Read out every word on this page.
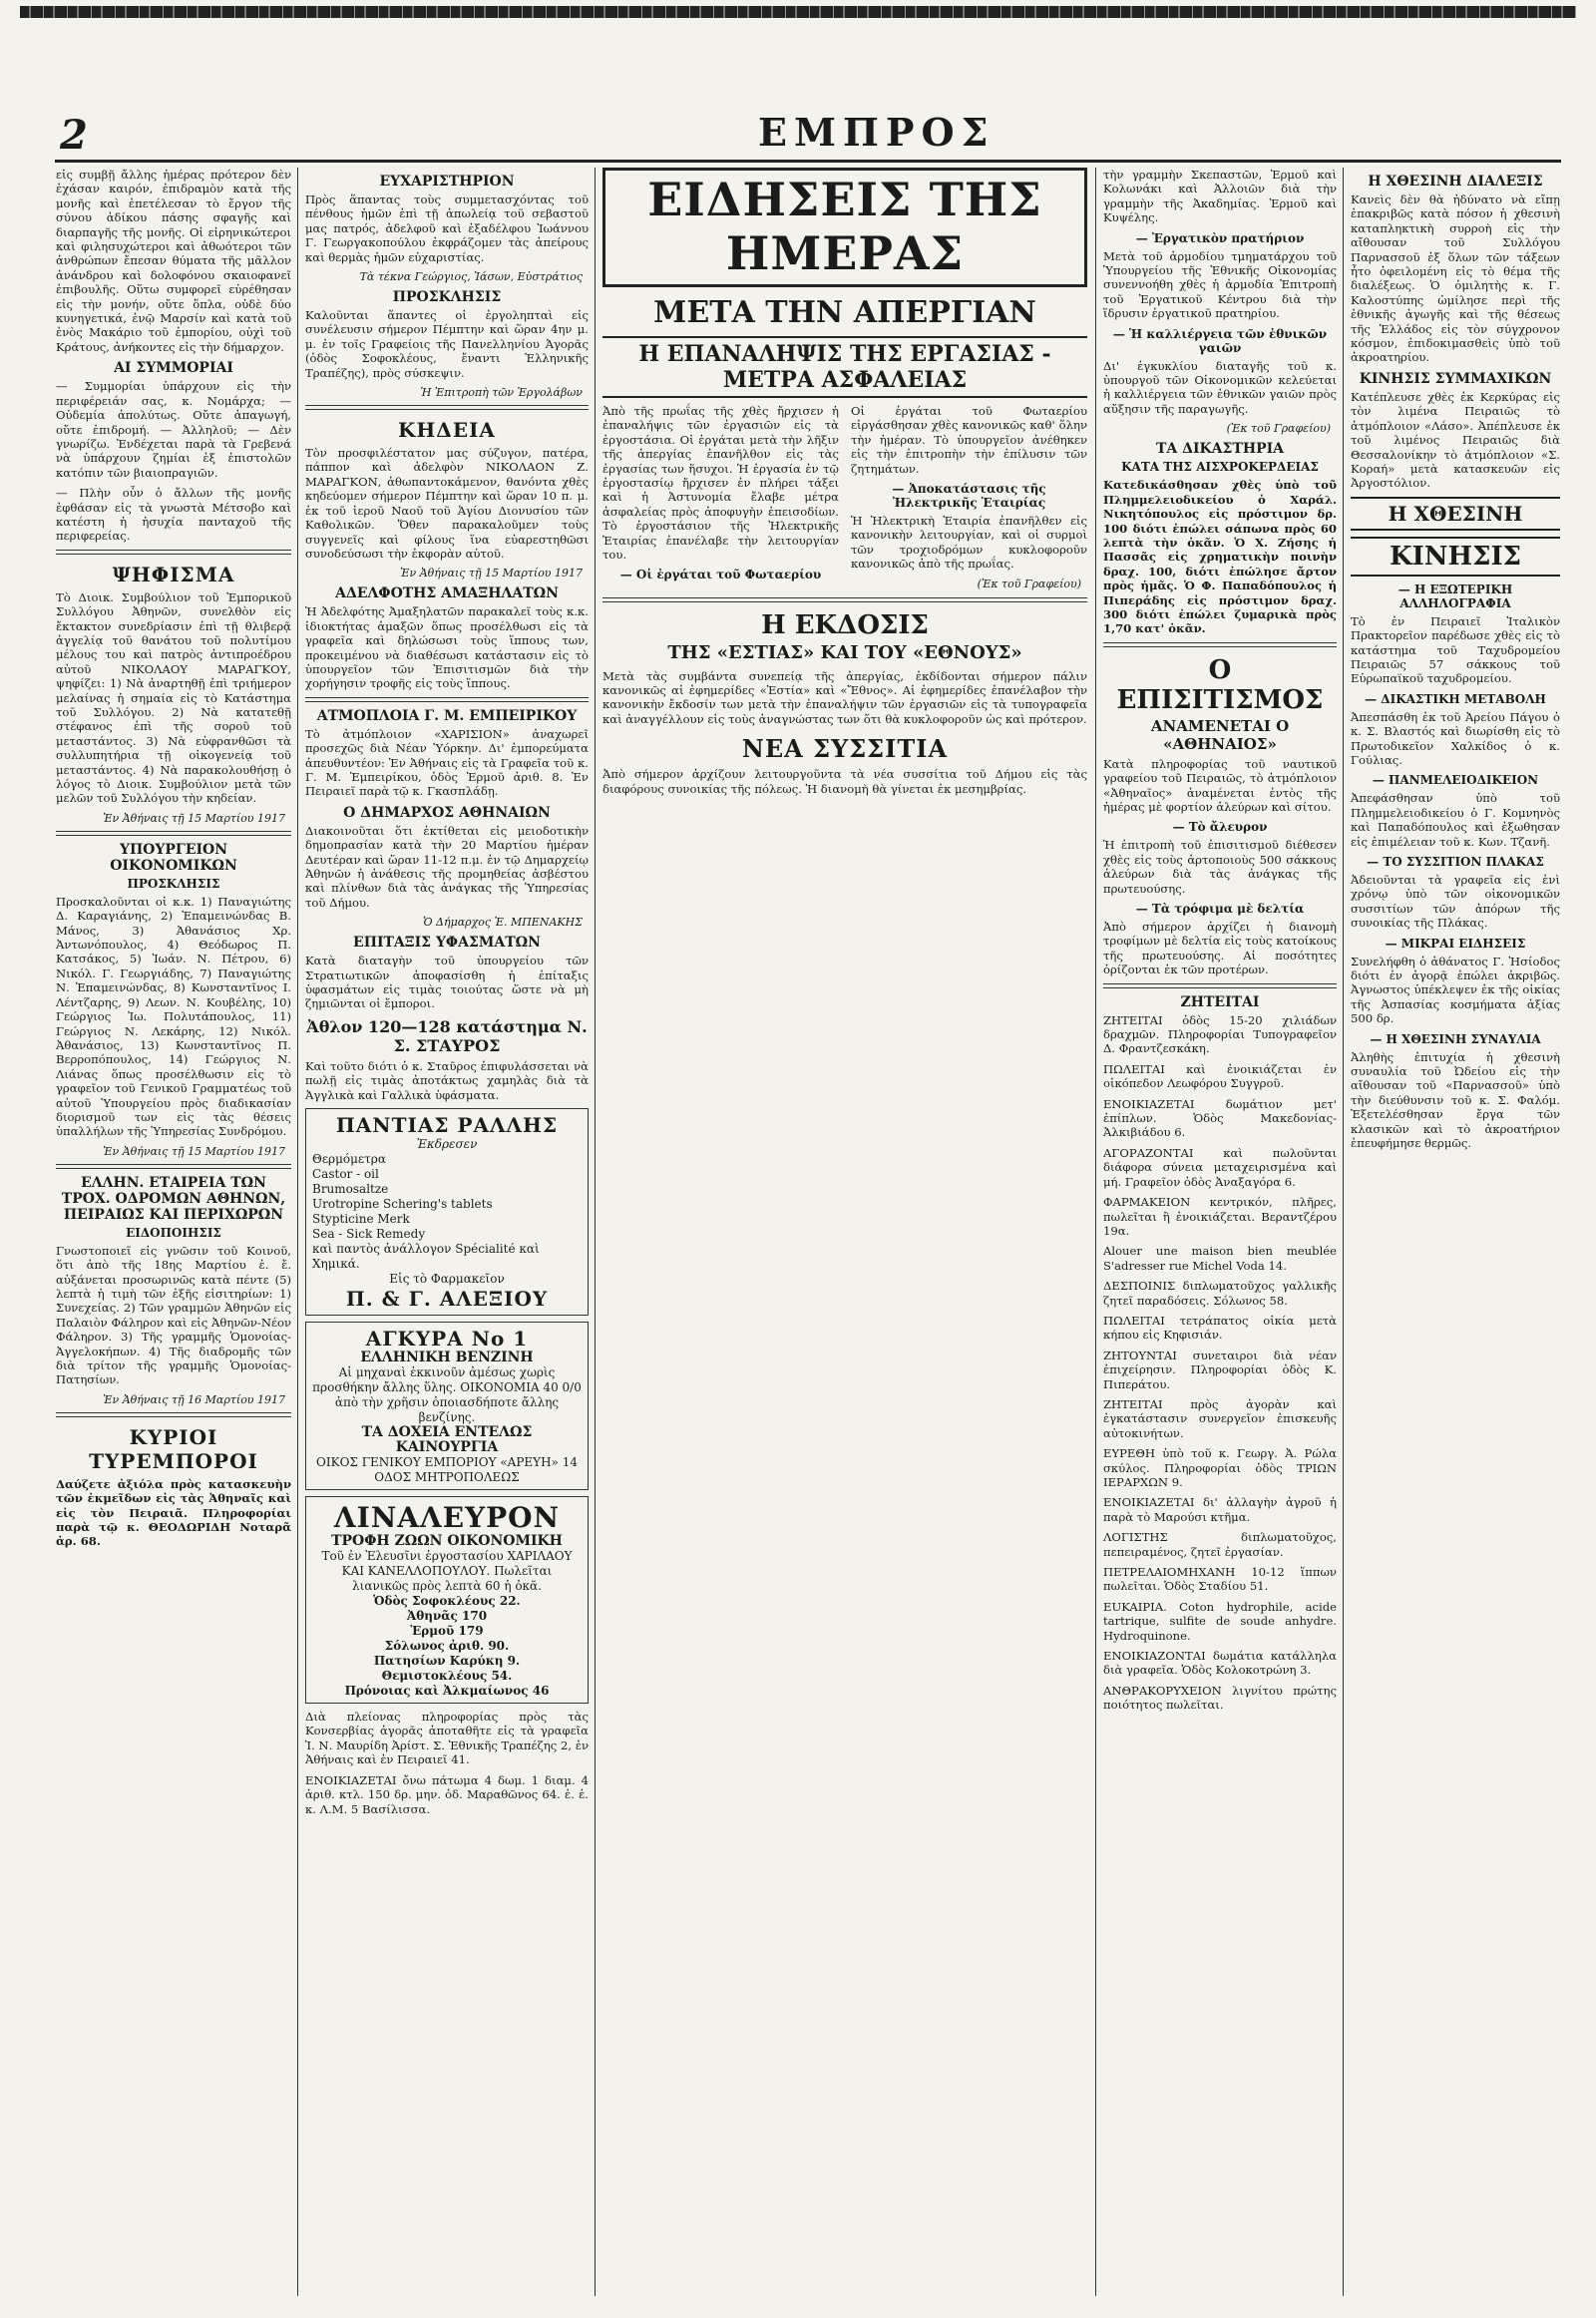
2	ΕΜΠΡΟΣ

εἰς συμβῇ ἄλλης ἡμέρας πρότερον δὲν ἐχάσαν καιρόν, ἐπιδραμὸν κατὰ τῆς μονῆς καὶ ἐπετέλεσαν τὸ ἔργον τῆς σύνου ἀδίκου πάσης σφαγῆς καὶ διαρπαγῆς τῆς μονῆς. Οἱ εἰρηνικώτεροι καὶ φιλησυχώτεροι καὶ ἀθωότεροι τῶν ἀνθρώπων ἔπεσαν θύματα τῆς μᾶλλον ἀνάνδρου καὶ δολοφόνου σκαιοφανεῖ ἐπιβουλῆς. Οὕτω συμφορεῖ εὐρέθησαν εἰς τὴν μονήν, οὔτε ὅπλα, οὐδὲ δύο κυνηγετικά, ἐνῷ Μαρσίν καὶ κατὰ τοῦ ἐνὸς Μακάριο τοῦ ἐμπορίου, οὐχὶ τοῦ Κράτους, ἀνήκοντες εἰς τὴν δήμαρχον.

ΑΙ ΣΥΜΜΟΡΙΑΙ

— Συμμορίαι ὑπάρχουν εἰς τὴν περιφέρειάν σας, κ. Νομάρχα; — Οὐδεμία ἀπολύτως. Οὔτε ἀπαγωγή, οὔτε ἐπιδρομή. — Ἀλληλοῦ; — Δὲν γνωρίζω. Ἐνδέχεται παρὰ τὰ Γρεβενά νὰ ὑπάρχουν ζημίαι ἐξ ἐπιστολῶν κατόπιν τῶν βιαιοπραγιῶν.

— Πλὴν οὖν ὁ ἄλλων τῆς μονῆς ἐφθάσαν εἰς τὰ γνωστὰ Μέτσοβο καὶ κατέστη ἡ ἡσυχία πανταχοῦ τῆς περιφερείας.

ΨΗΦΙΣΜΑ

Τὸ Διοικ. Συμβούλιον τοῦ Ἐμπορικοῦ Συλλόγου Ἀθηνῶν, συνελθὸν εἰς ἔκτακτον συνεδρίασιν ἐπὶ τῇ θλιβερᾷ ἀγγελίᾳ τοῦ θανάτου τοῦ πολυτίμου μέλους του καὶ πατρὸς ἀντιπροέδρου αὐτοῦ ΝΙΚΟΛΑΟΥ ΜΑΡΑΓΚΟΥ, ψηφίζει: 1) Νὰ ἀναρτηθῇ ἐπὶ τριήμερον μελαίνας ἡ σημαία εἰς τὸ Κατάστημα τοῦ Συλλόγου. 2) Νὰ κατατεθῇ στέφανος ἐπὶ τῆς σοροῦ τοῦ μεταστάντος. 3) Νὰ εὐφρανθῶσι τὰ συλλυπητήρια τῇ οἰκογενείᾳ τοῦ μεταστάντος. 4) Νὰ παρακολουθήσῃ ὁ λόγος τὸ Διοικ. Συμβούλιον μετὰ τῶν μελῶν τοῦ Συλλόγου τὴν κηδείαν.

Ἐν Ἀθήναις τῇ 15 Μαρτίου 1917
ΥΠΟΥΡΓΕΙΟΝ ΟΙΚΟΝΟΜΙΚΩΝ
ΠΡΟΣΚΛΗΣΙΣ

Προσκαλοῦνται οἱ κ.κ. 1) Παναγιώτης Δ. Καραγιάνης, 2) Ἐπαμεινώνδας Β. Μάνος, 3) Ἀθανάσιος Χρ. Ἀντωνόπουλος, 4) Θεόδωρος Π. Κατσάκος, 5) Ἰωάν. Ν. Πέτρου, 6) Νικόλ. Γ. Γεωργιάδης, 7) Παναγιώτης Ν. Ἐπαμεινώνδας, 8) Κωνσταντῖνος Ι. Λέντζαρης, 9) Λεων. Ν. Κουβέλης, 10) Γεώργιος Ἰω. Πολυτάπουλος, 11) Γεώργιος Ν. Λεκάρης, 12) Νικόλ. Ἀθανάσιος, 13) Κωνσταντῖνος Π. Βερροπόπουλος, 14) Γεώργιος Ν. Λιάνας ὅπως προσέλθωσιν εἰς τὸ γραφεῖον τοῦ Γενικοῦ Γραμματέως τοῦ αὐτοῦ Ὑπουργείου πρὸς διαδικασίαν διορισμοῦ των εἰς τὰς θέσεις ὑπαλλήλων τῆς Ὑπηρεσίας Συνδρόμου.

Ἐν Ἀθήναις τῇ 15 Μαρτίου 1917
ΕΛΛΗΝ. ΕΤΑΙΡΕΙΑ ΤΩΝ ΤΡΟΧ. ΟΔΡΟΜΩΝ ΑΘΗΝΩΝ, ΠΕΙΡΑΙΩΣ ΚΑΙ ΠΕΡΙΧΩΡΩΝ
ΕΙΔΟΠΟΙΗΣΙΣ

Γνωστοποιεῖ εἰς γνῶσιν τοῦ Κοινοῦ, ὅτι ἀπὸ τῆς 18ης Μαρτίου ἐ. ἔ. αὐξάνεται προσωρινῶς κατὰ πέντε (5) λεπτὰ ἡ τιμὴ τῶν ἐξῆς εἰσιτηρίων: 1) Συνεχείας. 2) Τῶν γραμμῶν Ἀθηνῶν εἰς Παλαιὸν Φάληρον καὶ εἰς Ἀθηνῶν-Νέον Φάληρον. 3) Τῆς γραμμῆς Ὁμονοίας-Ἀγγελοκήπων. 4) Τῆς διαδρομῆς τῶν διὰ τρίτον τῆς γραμμῆς Ὁμονοίας-Πατησίων.

Ἐν Ἀθήναις τῇ 16 Μαρτίου 1917
ΚΥΡΙΟΙ ΤΥΡΕΜΠΟΡΟΙ

Δαύζετε ἀξιόλα πρὸς κατασκευὴν τῶν ἐκμεῖδων εἰς τὰς Ἀθηναῖς καὶ εἰς τὸν Πειραιᾶ. Πληροφορίαι παρὰ τῷ κ. ΘΕΟΔΩΡΙΔΗ Νοταρᾶ ἀρ. 68.

ΕΥΧΑΡΙΣΤΗΡΙΟΝ

Πρὸς ἅπαντας τοὺς συμμετασχόντας τοῦ πένθους ἡμῶν ἐπὶ τῇ ἀπωλείᾳ τοῦ σεβαστοῦ μας πατρός, ἀδελφοῦ καὶ ἐξαδέλφου Ἰωάννου Γ. Γεωργακοπούλου ἐκφράζομεν τὰς ἀπείρους καὶ θερμὰς ἡμῶν εὐχαριστίας.

Τὰ τέκνα Γεώργιος, Ἰάσων, Εὐστράτιος
ΠΡΟΣΚΛΗΣΙΣ

Καλοῦνται ἅπαντες οἱ ἐργοληπταὶ εἰς συνέλευσιν σήμερον Πέμπτην καὶ ὥραν 4ην μ. μ. ἐν τοῖς Γραφείοις τῆς Πανελληνίου Ἀγορᾶς (ὁδὸς Σοφοκλέους, ἔναντι Ἑλληνικῆς Τραπέζης), πρὸς σύσκεψιν.

Ἡ Ἐπιτροπὴ τῶν Ἐργολάβων
ΚΗΔΕΙΑ

Τὸν προσφιλέστατον μας σύζυγον, πατέρα, πάππον καὶ ἀδελφὸν ΝΙΚΟΛΑΟΝ Ζ. ΜΑΡΑΓΚΟΝ, ἀθωπαντοκάμενον, θανόντα χθὲς κηδεύομεν σήμερον Πέμπτην καὶ ὥραν 10 π. μ. ἐκ τοῦ ἱεροῦ Ναοῦ τοῦ Ἁγίου Διονυσίου τῶν Καθολικῶν. Ὅθεν παρακαλοῦμεν τοὺς συγγενεῖς καὶ φίλους ἵνα εὐαρεστηθῶσι συνοδεύσωσι τὴν ἐκφορὰν αὐτοῦ.

Ἐν Ἀθήναις τῇ 15 Μαρτίου 1917
ΑΔΕΛΦΟΤΗΣ ΑΜΑΞΗΛΑΤΩΝ

Ἡ Ἀδελφότης Ἀμαξηλατῶν παρακαλεῖ τοὺς κ.κ. ἰδιοκτήτας ἁμαξῶν ὅπως προσέλθωσι εἰς τὰ γραφεῖα καὶ δηλώσωσι τοὺς ἵππους των, προκειμένου νὰ διαθέσωσι κατάστασιν εἰς τὸ ὑπουργεῖον τῶν Ἐπισιτισμῶν διὰ τὴν χορήγησιν τροφῆς εἰς τοὺς ἵππους.

ΑΤΜΟΠΛΟΙΑ Γ. Μ. ΕΜΠΕΙΡΙΚΟΥ

Τὸ ἀτμόπλοιον «ΧΑΡΙΣΙΟΝ» ἀναχωρεῖ προσεχῶς διὰ Νέαν Ὑόρκην. Δι' ἐμπορεύματα ἀπευθυντέον: Ἐν Ἀθήναις εἰς τὰ Γραφεῖα τοῦ κ. Γ. Μ. Ἐμπειρίκου, ὁδὸς Ἑρμοῦ ἀριθ. 8. Ἐν Πειραιεῖ παρὰ τῷ κ. Γκασπλάδῃ.

Ο ΔΗΜΑΡΧΟΣ ΑΘΗΝΑΙΩΝ

Διακοινοῦται ὅτι ἐκτίθεται εἰς μειοδοτικὴν δημοπρασίαν κατὰ τὴν 20 Μαρτίου ἡμέραν Δευτέραν καὶ ὥραν 11-12 π.μ. ἐν τῷ Δημαρχείῳ Ἀθηνῶν ἡ ἀνάθεσις τῆς προμηθείας ἀσβέστου καὶ πλίνθων διὰ τὰς ἀνάγκας τῆς Ὑπηρεσίας τοῦ Δήμου.

Ὁ Δήμαρχος Ἐ. ΜΠΕΝΑΚΗΣ
ΕΠΙΤΑΞΙΣ ΥΦΑΣΜΑΤΩΝ

Κατὰ διαταγὴν τοῦ ὑπουργείου τῶν Στρατιωτικῶν ἀποφασίσθη ἡ ἐπίταξις ὑφασμάτων εἰς τιμὰς τοιούτας ὥστε νὰ μὴ ζημιῶνται οἱ ἔμποροι.

Ἀθλον 120—128 κατάστημα Ν. Σ. ΣΤΑΥΡΟΣ

Καὶ τοῦτο διότι ὁ κ. Σταῦρος ἐπιφυλάσσεται νὰ πωλῇ εἰς τιμὰς ἀποτάκτως χαμηλὰς διὰ τὰ Ἀγγλικὰ καὶ Γαλλικὰ ὑφάσματα.

ΠΑΝΤΙΑΣ ΡΑΛΛΗΣ
Ἐκδρεσεν
Θερμόμετρα
Castor - oil
Brumosaltze
Urotropine Schering's tablets
Styptiсine Merk
Sea - Sick Remedy
καὶ παντὸς ἀνάλλογον Spécialité καὶ Χημικά.
Εἰς τὸ Φαρμακεῖον
Π. & Γ. ΑΛΕΞΙΟΥ
ΑΓΚΥΡΑ Νο 1
ΕΛΛΗΝΙΚΗ ΒΕΝΖΙΝΗ
Αἱ μηχαναὶ ἐκκινοῦν ἀμέσως χωρὶς προσθήκην ἄλλης ὕλης. ΟΙΚΟΝΟΜΙΑ 40 0/0 ἀπὸ τὴν χρῆσιν ὁποιασδήποτε ἄλλης βενζίνης.
ΤΑ ΔΟΧΕΙΑ ΕΝΤΕΛΩΣ ΚΑΙΝΟΥΡΓΙΑ
ΟΙΚΟΣ ΓΕΝΙΚΟΥ ΕΜΠΟΡΙΟΥ «ΑΡΕΥΗ» 14 ΟΔΟΣ ΜΗΤΡΟΠΟΛΕΩΣ
ΛΙΝΑΛΕΥΡΟΝ
ΤΡΟΦΗ ΖΩΩΝ ΟΙΚΟΝΟΜΙΚΗ
Τοῦ ἐν Ἐλευσῖνι ἐργοστασίου ΧΑΡΙΛΑΟΥ ΚΑΙ ΚΑΝΕΛΛΟΠΟΥΛΟΥ. Πωλεῖται λιανικῶς πρὸς λεπτὰ 60 ἡ ὀκᾶ.
Ὁδὸς Σοφοκλέους 22.
Ἀθηνᾶς 170
Ἑρμοῦ 179
Σόλωνος ἀριθ. 90.
Πατησίων Καρύκη 9.
Θεμιστοκλέους 54.
Πρόνοιας καὶ Ἀλκμαίωνος 46

Διὰ πλείονας πληροφορίας πρὸς τὰς Κονσερβίας ἀγορᾶς ἀποταθῆτε εἰς τὰ γραφεῖα Ἰ. Ν. Μαυρίδη Ἀρίστ. Σ. Ἐθνικῆς Τραπέζης 2, ἐν Ἀθήναις καὶ ἐν Πειραιεῖ 41.

ΕΝΟΙΚΙΑΖΕΤΑΙ ὄνω πάτωμα 4 δωμ. 1 διαμ. 4 ἀριθ. κτλ. 150 δρ. μην. ὁδ. Μαραθῶνος 64. ἐ. ἐ. κ. Λ.Μ. 5 Βασίλισσα.

ΕΙΔΗΣΕΙΣ ΤΗΣ ΗΜΕΡΑΣ
ΜΕΤΑ ΤΗΝ ΑΠΕΡΓΙΑΝ
Η ΕΠΑΝΑΛΗΨΙΣ ΤΗΣ ΕΡΓΑΣΙΑΣ - ΜΕΤΡΑ ΑΣΦΑΛΕΙΑΣ

Ἀπὸ τῆς πρωΐας τῆς χθὲς ἤρχισεν ἡ ἐπαναλήψις τῶν ἐργασιῶν εἰς τὰ ἐργοστάσια. Οἱ ἐργάται μετὰ τὴν λῆξιν τῆς ἀπεργίας ἐπανῆλθον εἰς τὰς ἐργασίας των ἥσυχοι. Ἡ ἐργασία ἐν τῷ ἐργοστασίῳ ἤρχισεν ἐν πλήρει τάξει καὶ ἡ Ἀστυνομία ἔλαβε μέτρα ἀσφαλείας πρὸς ἀποφυγὴν ἐπεισοδίων. Τὸ ἐργοστάσιον τῆς Ἠλεκτρικῆς Ἑταιρίας ἐπανέλαβε τὴν λειτουργίαν του.

— Οἱ ἐργάται τοῦ Φωταερίου

Οἱ ἐργάται τοῦ Φωταερίου εἰργάσθησαν χθὲς κανονικῶς καθ' ὅλην τὴν ἡμέραν. Τὸ ὑπουργεῖον ἀνέθηκεν εἰς τὴν ἐπιτροπὴν τὴν ἐπίλυσιν τῶν ζητημάτων.

— Ἀποκατάστασις τῆς Ἠλεκτρικῆς Ἑταιρίας

Ἡ Ἠλεκτρικὴ Ἑταιρία ἐπανῆλθεν εἰς κανονικὴν λειτουργίαν, καὶ οἱ συρμοὶ τῶν τροχιοδρόμων κυκλοφοροῦν κανονικῶς ἀπὸ τῆς πρωΐας.

(Ἐκ τοῦ Γραφείου)
Η ΕΚΔΟΣΙΣ
ΤΗΣ «ΕΣΤΙΑΣ» ΚΑΙ ΤΟΥ «ΕΘΝΟΥΣ»

Μετὰ τὰς συμβάντα συνεπείᾳ τῆς ἀπεργίας, ἐκδίδονται σήμερον πάλιν κανονικῶς αἱ ἐφημερίδες «Ἑστία» καὶ «Ἔθνος». Αἱ ἐφημερίδες ἐπανέλαβον τὴν κανονικὴν ἔκδοσίν των μετὰ τὴν ἐπαναλήψιν τῶν ἐργασιῶν εἰς τὰ τυπογραφεῖα καὶ ἀναγγέλλουν εἰς τοὺς ἀναγνώστας των ὅτι θὰ κυκλοφοροῦν ὡς καὶ πρότερον.

ΝΕΑ ΣΥΣΣΙΤΙΑ

Ἀπὸ σήμερον ἀρχίζουν λειτουργοῦντα τὰ νέα συσσίτια τοῦ Δήμου εἰς τὰς διαφόρους συνοικίας τῆς πόλεως. Ἡ διανομὴ θὰ γίνεται ἐκ μεσημβρίας.

τὴν γραμμὴν Σκεπαστῶν, Ἐρμοῦ καὶ Κολωνάκι καὶ Ἀλλοιῶν διὰ τὴν γραμμὴν τῆς Ἀκαδημίας. Ἐρμοῦ καὶ Κυψέλης.

— Ἐργατικὸν πρατήριον

Μετὰ τοῦ ἀρμοδίου τμηματάρχου τοῦ Ὑπουργείου τῆς Ἐθνικῆς Οἰκονομίας συνεννοήθη χθὲς ἡ ἀρμοδία Ἐπιτροπὴ τοῦ Ἐργατικοῦ Κέντρου διὰ τὴν ἵδρυσιν ἐργατικοῦ πρατηρίου.

— Ἡ καλλιέργεια τῶν ἐθνικῶν γαιῶν

Δι' ἐγκυκλίου διαταγῆς τοῦ κ. ὑπουργοῦ τῶν Οἰκονομικῶν κελεύεται ἡ καλλιέργεια τῶν ἐθνικῶν γαιῶν πρὸς αὔξησιν τῆς παραγωγῆς.

(Ἐκ τοῦ Γραφείου)
ΤΑ ΔΙΚΑΣΤΗΡΙΑ
ΚΑΤΑ ΤΗΣ ΑΙΣΧΡΟΚΕΡΔΕΙΑΣ

Κατεδικάσθησαν χθὲς ὑπὸ τοῦ Πλημμελειοδικείου ὁ Χαράλ. Νικητόπουλος εἰς πρόστιμον δρ. 100 διότι ἐπώλει σάπωνα πρὸς 60 λεπτὰ τὴν ὀκᾶν. Ὁ Χ. Ζήσης ἡ Πασσᾶς εἰς χρηματικὴν ποινὴν δραχ. 100, διότι ἐπώλησε ἄρτον πρὸς ἡμᾶς. Ὁ Φ. Παπαδόπουλος ἡ Πιπεράδης εἰς πρόστιμον δραχ. 300 διότι ἐπώλει ζυμαρικὰ πρὸς 1,70 κατ' ὀκᾶν.

Ο ΕΠΙΣΙΤΙΣΜΟΣ
ΑΝΑΜΕΝΕΤΑΙ Ο «ΑΘΗΝΑΙΟΣ»

Κατὰ πληροφορίας τοῦ ναυτικοῦ γραφείου τοῦ Πειραιῶς, τὸ ἀτμόπλοιον «Ἀθηναῖος» ἀναμένεται ἐντὸς τῆς ἡμέρας μὲ φορτίον ἀλεύρων καὶ σίτου.

— Τὸ ἄλευρον

Ἡ ἐπιτροπὴ τοῦ ἐπισιτισμοῦ διέθεσεν χθὲς εἰς τοὺς ἀρτοποιοὺς 500 σάκκους ἀλεύρων διὰ τὰς ἀνάγκας τῆς πρωτευούσης.

— Τὰ τρόφιμα μὲ δελτία

Ἀπὸ σήμερον ἀρχίζει ἡ διανομὴ τροφίμων μὲ δελτία εἰς τοὺς κατοίκους τῆς πρωτευούσης. Αἱ ποσότητες ὁρίζονται ἐκ τῶν προτέρων.

ΖΗΤΕΙΤΑΙ

ΖΗΤΕΙΤΑΙ ὁδὸς 15-20 χιλιάδων δραχμῶν. Πληροφορίαι Τυπογραφεῖον Δ. Φραντζεσκάκη.

ΠΩΛΕΙΤΑΙ καὶ ἐνοικιάζεται ἐν οἰκόπεδον Λεωφόρου Συγγροῦ.

ΕΝΟΙΚΙΑΖΕΤΑΙ δωμάτιον μετ' ἐπίπλων. Ὁδὸς Μακεδονίας-Ἀλκιβιάδου 6.

ΑΓΟΡΑΖΟΝΤΑΙ καὶ πωλοῦνται διάφορα σύνεια μεταχειρισμένα καὶ μή. Γραφεῖον ὁδὸς Ἀναξαγόρα 6.

ΦΑΡΜΑΚΕΙΟΝ κεντρικόν, πλῆρες, πωλεῖται ἢ ἐνοικιάζεται. Βεραντζέρου 19α.

Alouer une maison bien meublée S'adresser rue Michel Voda 14.

ΔΕΣΠΟΙΝΙΣ διπλωματοῦχος γαλλικῆς ζητεῖ παραδόσεις. Σόλωνος 58.

ΠΩΛΕΙΤΑΙ τετράπατος οἰκία μετὰ κήπου εἰς Κηφισιάν.

ΖΗΤΟΥΝΤΑΙ συνεταιροι διὰ νέαν ἐπιχείρησιν. Πληροφορίαι ὁδὸς Κ. Πιπεράτου.

ΖΗΤΕΙΤΑΙ πρὸς ἀγορὰν καὶ ἐγκατάστασιν συνεργεῖον ἐπισκευῆς αὐτοκινήτων.

ΕΥΡΕΘΗ ὑπὸ τοῦ κ. Γεωργ. Ἀ. Ρώλα σκύλος. Πληροφορίαι ὁδὸς ΤΡΙΩΝ ΙΕΡΑΡΧΩΝ 9.

ΕΝΟΙΚΙΑΖΕΤΑΙ δι' ἀλλαγὴν ἀγροῦ ἡ παρὰ τὸ Μαρούσι κτῆμα.

ΛΟΓΙΣΤΗΣ διπλωματοῦχος, πεπειραμένος, ζητεῖ ἐργασίαν.

ΠΕΤΡΕΛΑΙΟΜΗΧΑΝΗ 10-12 ἵππων πωλεῖται. Ὁδὸς Σταδίου 51.

EUKAIPIA. Coton hydrophile, acide tartrique, sulfite de soude anhydre. Hydroquinone.

ΕΝΟΙΚΙΑΖΟΝΤΑΙ δωμάτια κατάλληλα διὰ γραφεῖα. Ὁδὸς Κολοκοτρώνη 3.

ΑΝΘΡΑΚΟΡΥΧΕΙΟΝ λιγνίτου πρώτης ποιότητος πωλεῖται.

Η ΧΘΕΣΙΝΗ ΔΙΑΛΕΞΙΣ

Κανεὶς δὲν θὰ ἠδύνατο νὰ εἴπῃ ἐπακριβῶς κατὰ πόσον ἡ χθεσινὴ καταπληκτικὴ συρροὴ εἰς τὴν αἴθουσαν τοῦ Συλλόγου Παρνασσοῦ ἐξ ὅλων τῶν τάξεων ἦτο ὀφειλομένη εἰς τὸ θέμα τῆς διαλέξεως. Ὁ ὁμιλητὴς κ. Γ. Καλοστύπης ὡμίλησε περὶ τῆς ἐθνικῆς ἀγωγῆς καὶ τῆς θέσεως τῆς Ἑλλάδος εἰς τὸν σύγχρονον κόσμον, ἐπιδοκιμασθεὶς ὑπὸ τοῦ ἀκροατηρίου.

ΚΙΝΗΣΙΣ ΣΥΜΜΑΧΙΚΩΝ

Κατέπλευσε χθὲς ἐκ Κερκύρας εἰς τὸν λιμένα Πειραιῶς τὸ ἀτμόπλοιον «Λάσο». Ἀπέπλευσε ἐκ τοῦ λιμένος Πειραιῶς διὰ Θεσσαλονίκην τὸ ἀτμόπλοιον «Σ. Κοραή» μετὰ κατασκευῶν εἰς Ἀργοστόλιον.

Η ΧΘΕΣΙΝΗ
ΚΙΝΗΣΙΣ
— Η ΕΞΩΤΕΡΙΚΗ ΑΛΛΗΛΟΓΡΑΦΙΑ

Τὸ ἐν Πειραιεῖ Ἰταλικὸν Πρακτορεῖον παρέδωσε χθὲς εἰς τὸ κατάστημα τοῦ Ταχυδρομείου Πειραιῶς 57 σάκκους τοῦ Εὐρωπαϊκοῦ ταχυδρομείου.

— ΔΙΚΑΣΤΙΚΗ ΜΕΤΑΒΟΛΗ

Ἀπεσπάσθη ἐκ τοῦ Ἀρείου Πάγου ὁ κ. Σ. Βλαστός καὶ διωρίσθη εἰς τὸ Πρωτοδικεῖον Χαλκίδος ὁ κ. Γούλιας.

— ΠΑΝΜΕΛΕΙΟΔΙΚΕΙΟΝ

Ἀπεφάσθησαν ὑπὸ τοῦ Πλημμελειοδικείου ὁ Γ. Κομνηνὸς καὶ Παπαδόπουλος καὶ ἐξωθησαν εἰς ἐπιμέλειαν τοῦ κ. Κων. Τζανῆ.

— ΤΟ ΣΥΣΣΙΤΙΟΝ ΠΛΑΚΑΣ

Ἀδειοῦνται τὰ γραφεῖα εἰς ἑνὶ χρόνῳ ὑπὸ τῶν οἰκονομικῶν συσσιτίων τῶν ἀπόρων τῆς συνοικίας τῆς Πλάκας.

— ΜΙΚΡΑΙ ΕΙΔΗΣΕΙΣ

Συνελήφθη ὁ ἀθάνατος Γ. Ἠσίοδος διότι ἐν ἀγορᾷ ἐπώλει ἀκριβῶς. Ἀγνωστος ὑπέκλεψεν ἐκ τῆς οἰκίας τῆς Ἀσπασίας κοσμήματα ἀξίας 500 δρ.

— Η ΧΘΕΣΙΝΗ ΣΥΝΑΥΛΙΑ

Ἀληθὴς ἐπιτυχία ἡ χθεσινὴ συναυλία τοῦ Ὠδείου εἰς τὴν αἴθουσαν τοῦ «Παρνασσοῦ» ὑπὸ τὴν διεύθυνσιν τοῦ κ. Σ. Φαλόμ. Ἐξετελέσθησαν ἔργα τῶν κλασικῶν καὶ τὸ ἀκροατήριον ἐπευφήμησε θερμῶς.
